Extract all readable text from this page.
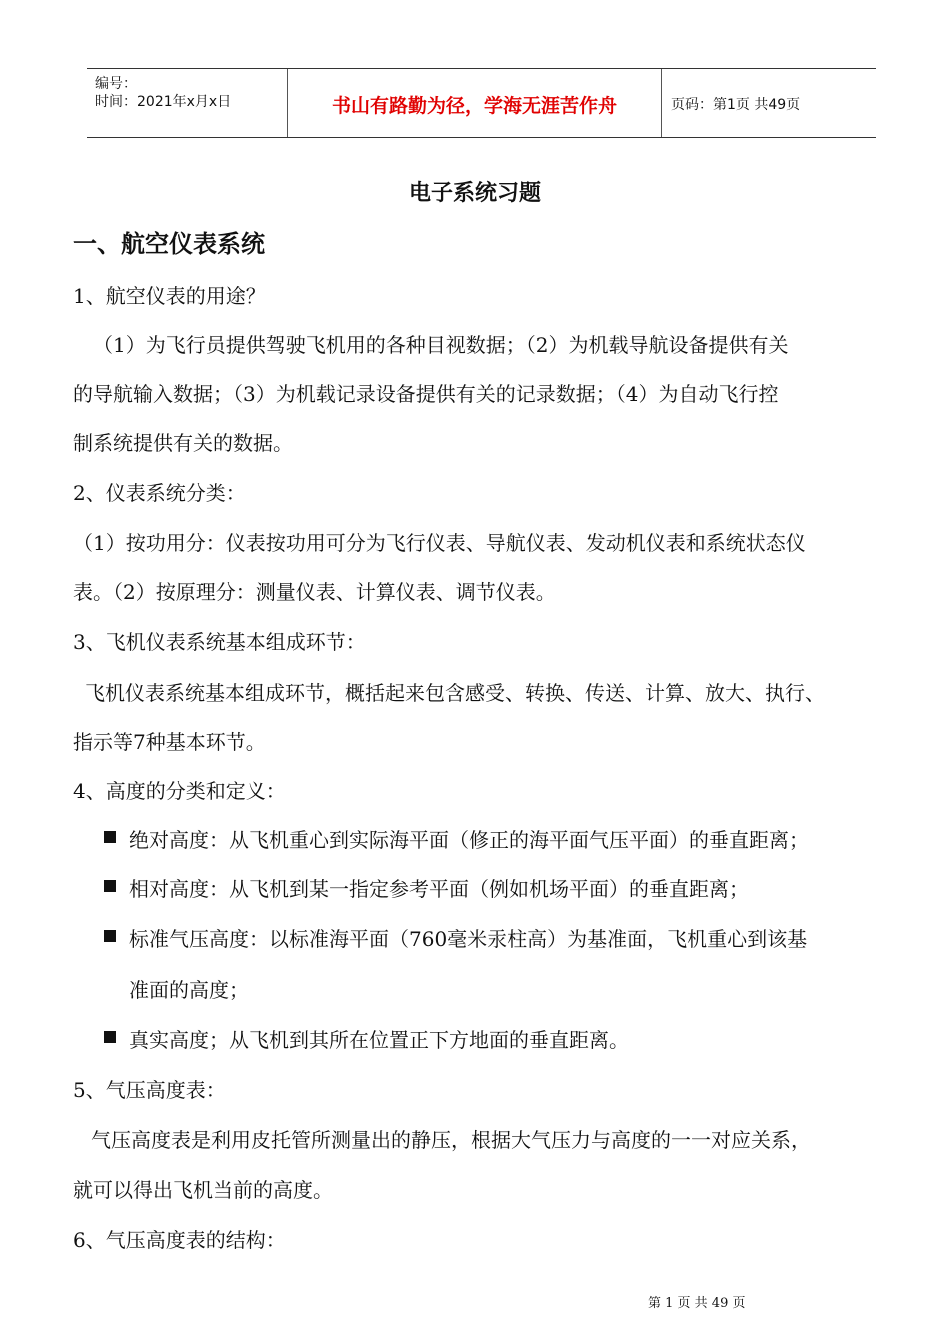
编号：
时间：2021年x月x日	书山有路勤为径，学海无涯苦作舟	页码：第1页 共49页
电子系统习题
一、航空仪表系统
1、航空仪表的用途？
（1）为飞行员提供驾驶飞机用的各种目视数据；（2）为机载导航设备提供有关
的导航输入数据；（3）为机载记录设备提供有关的记录数据；（4）为自动飞行控
制系统提供有关的数据。
2、仪表系统分类：
（1）按功用分：仪表按功用可分为飞行仪表、导航仪表、发动机仪表和系统状态仪
表。（2）按原理分：测量仪表、计算仪表、调节仪表。
3、飞机仪表系统基本组成环节：
飞机仪表系统基本组成环节，概括起来包含感受、转换、传送、计算、放大、执行、
指示等7种基本环节。
4、高度的分类和定义：
绝对高度：从飞机重心到实际海平面（修正的海平面气压平面）的垂直距离；
相对高度：从飞机到某一指定参考平面（例如机场平面）的垂直距离；
标准气压高度：以标准海平面（760毫米汞柱高）为基准面，飞机重心到该基
准面的高度；
真实高度；从飞机到其所在位置正下方地面的垂直距离。
5、气压高度表：
气压高度表是利用皮托管所测量出的静压，根据大气压力与高度的一一对应关系，
就可以得出飞机当前的高度。
6、气压高度表的结构：
第 1 页 共 49 页
